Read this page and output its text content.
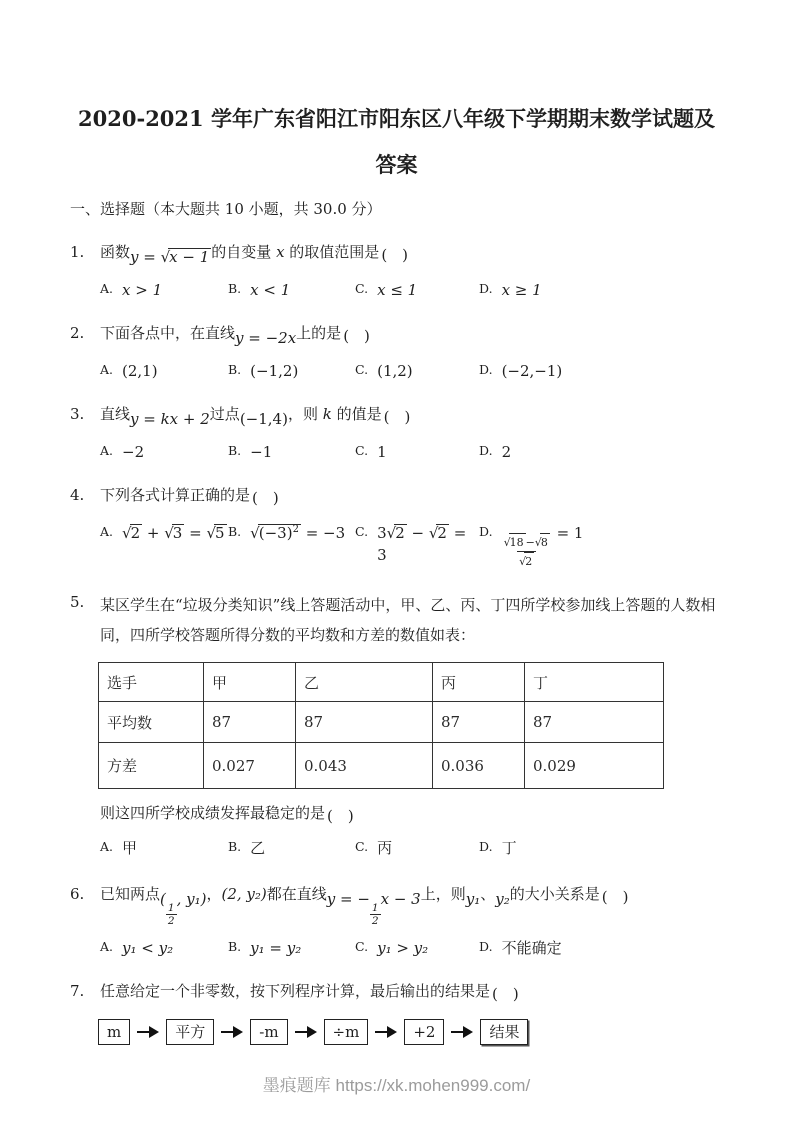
2020-2021 学年广东省阳江市阳东区八年级下学期期末数学试题及答案
一、选择题（本大题共 10 小题，共 30.0 分）
1.	函数y = √x − 1 的自变量 x 的取值范围是 (  )
A. x > 1	B. x < 1	C. x ≤ 1	D. x ≥ 1
2.	下面各点中，在直线y = −2x上的是 (  )
A. (2,1)	B. (−1,2)	C. (1,2)	D. (−2,−1)
3.	直线y = kx + 2过点(−1,4)，则 k 的值是 (  )
A. −2	B. −1	C. 1	D. 2
4.	下列各式计算正确的是 (  )
A. √2 + √3 = √5 B. $√(-3)^2 = -3$ C. 3√2 − √2 = 3
D.
$\frac{√18 -√8}{√2} = 1$
5.	某区学生在“垃圾分类知识”线上答题活动中，甲、乙、丙、丁四所学校参加线上答题的人数相同，四所学校答题所得分数的平均数和方差的数值如表：
选手	甲	乙	丙	丁
平均数	87	87	87	87
方差	0.027	0.043	0.036	0.029
则这四所学校成绩发挥最稳定的是 (  )
A. 甲	B. 乙	C. 丙	D. 丁
6.	已知两点(
$\frac{1}{2}$
, y₁)，(2, y₂)都在直线y = −
$\frac{1}{2}$
x − 3上，则y₁、y₂的大小关系是 (  )
A. y₁ < y₂	B. y₁ = y₂	C. y₁ > y₂	D. 不能确定
7.	任意给定一个非零数，按下列程序计算，最后输出的结果是 (  )
m	平方	-m	÷m	+2	结果
墨痕题库 https://xk.mohen999.com/
